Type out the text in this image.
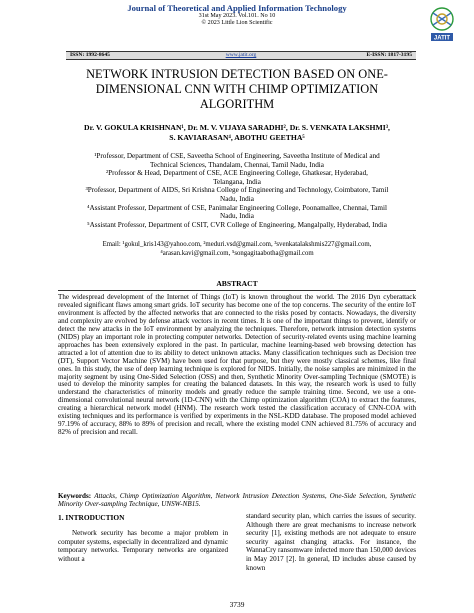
Journal of Theoretical and Applied Information Technology
31st May 2023. Vol.101. No 10
© 2023 Little Lion Scientific
JATIT
ISSN: 1992-8645	www.jatit.org	E-ISSN: 1817-3195
NETWORK INTRUSION DETECTION BASED ON ONE-
DIMENSIONAL CNN WITH CHIMP OPTIMIZATION
ALGORITHM
Dr. V. GOKULA KRISHNAN¹, Dr. M. V. VIJAYA SARADHI², Dr. S. VENKATA LAKSHMI³,
S. KAVIARASAN⁴, ABOTHU GEETHA⁵
¹Professor, Department of CSE, Saveetha School of Engineering, Saveetha Institute of Medical and
Technical Sciences, Thandalam, Chennai, Tamil Nadu, India
²Professor & Head, Department of CSE, ACE Engineering College, Ghatkesar, Hyderabad,
Telangana, India
³Professor, Department of AIDS, Sri Krishna College of Engineering and Technology, Coimbatore, Tamil
Nadu, India
⁴Assistant Professor, Department of CSE, Panimalar Engineering College, Poonamallee, Chennai, Tamil
Nadu, India
⁵Assistant Professor, Department of CSIT, CVR College of Engineering, Mangalpally, Hyderabad, India
Email: ¹gokul_kris143@yahoo.com, ²meduri.vsd@gmail.com, ³svenkatalakshmis227@gmail.com,
⁴arasan.kavi@gmail.com, ⁵songagitaabotha@gmail.com
ABSTRACT
The widespread development of the Internet of Things (IoT) is known throughout the world. The 2016 Dyn cyberattack revealed significant flaws among smart grids. IoT security has become one of the top concerns. The security of the entire IoT environment is affected by the affected networks that are connected to the risks posed by contacts. Nowadays, the diversity and complexity are evolved by defense attack vectors in recent times. It is one of the important things to prevent, identify or detect the new attacks in the IoT environment by analyzing the techniques. Therefore, network intrusion detection systems (NIDS) play an important role in protecting computer networks. Detection of security-related events using machine learning approaches has been extensively explored in the past. In particular, machine learning-based web browsing detection has attracted a lot of attention due to its ability to detect unknown attacks. Many classification techniques such as Decision tree (DT), Support Vector Machine (SVM) have been used for that purpose, but they were mostly classical schemes, like final ones. In this study, the use of deep learning technique is explored for NIDS. Initially, the noise samples are minimized in the majority segment by using One-Sided Selection (OSS) and then, Synthetic Minority Over-sampling Technique (SMOTE) is used to develop the minority samples for creating the balanced datasets. In this way, the research work is used to fully understand the characteristics of minority models and greatly reduce the sample training time. Second, we use a one-dimensional convolutional neural network (1D-CNN) with the Chimp optimization algorithm (COA) to extract the features, creating a hierarchical network model (HNM). The research work tested the classification accuracy of CNN-COA with existing techniques and its performance is verified by experiments in the NSL-KDD database. The proposed model achieved 97.19% of accuracy, 88% to 89% of precision and recall, where the existing model CNN achieved 81.75% of accuracy and 82% of precision and recall.
Keywords: Attacks, Chimp Optimization Algorithm, Network Intrusion Detection Systems, One-Side Selection, Synthetic Minority Over-sampling Technique, UNSW-NB15.
1. INTRODUCTION

Network security has become a major problem in computer systems, especially in decentralized and dynamic temporary networks. Temporary networks are organized without a

standard security plan, which carries the issues of security. Although there are great mechanisms to increase network security [1], existing methods are not adequate to ensure security against changing attacks. For instance, the WannaCry ransomware infected more than 150,000 devices in May 2017 [2]. In general, ID includes abuse caused by known

3739
